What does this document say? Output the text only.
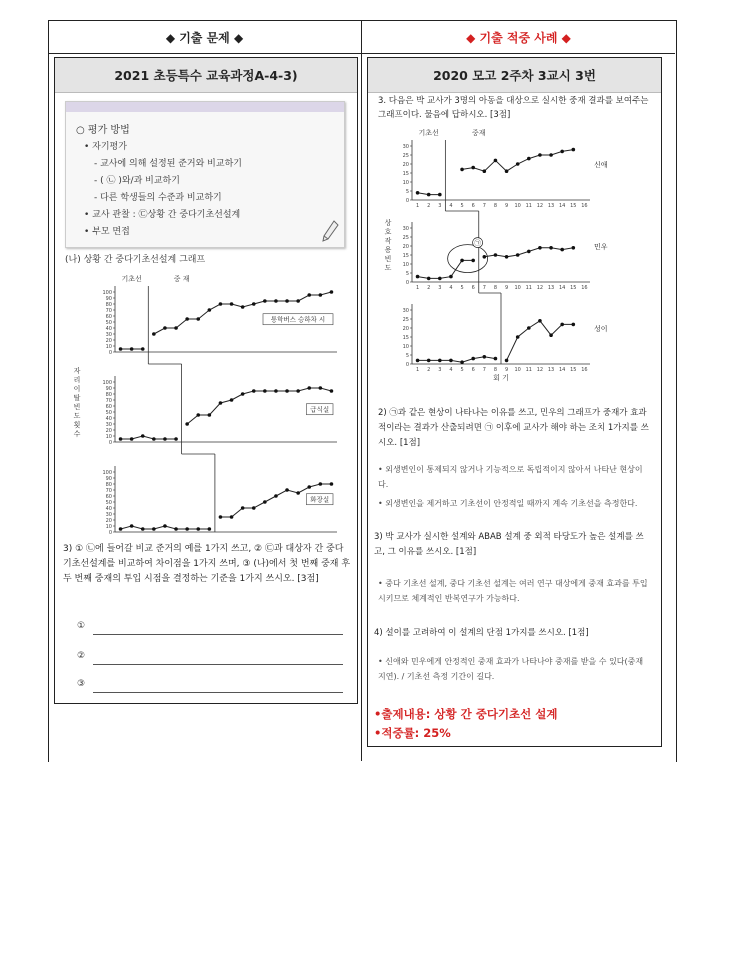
◆ 기출 문제 ◆	◆ 기출 적중 사례 ◆
2021 초등특수 교육과정A-4-3)
○ 평가 방법
• 자기평가
- 교사에 의해 설정된 준거와 비교하기
- ( ㉡ )와/과 비교하기
- 다른 학생들의 수준과 비교하기
• 교사 관찰 : ㉢상황 간 중다기초선설계
• 부모 면접
(나) 상황 간 중다기초선설계 그래프
기초선	중 재
자
리
이
탈
빈
도
횟
수
100
90
80
70
60
50
40
30
20
10
0
통학버스 승하차 시
100
90
80
70
60
50
40
30
20
10
0
급식실
100
90
80
70
60
50
40
30
20
10
0
화장실
3) ① ㉡에 들어갈 비교 준거의 예를 1가지 쓰고, ② ㉢과 대상자 간 중다기초선설계를 비교하여 차이점을 1가지 쓰며, ③ (나)에서 첫 번째 중재 후 두 번째 중재의 투입 시점을 결정하는 기준을 1가지 쓰시오. [3점]
①
②
③
2020 모고 2주차 3교시 3번
3. 다음은 박 교사가 3명의 아동을 대상으로 실시한 중재 결과를 보여주는 그래프이다. 물음에 답하시오. [3점]
기초선	중재
상
호
작
용
빈
도
30
25
20
15
10
5
0
신애
1 2 3 4 5 6 7 8 9 10 11 12 13 14 15 16
30
25
20
15
10
5
0
민우
1 2 3 4 5 6 7 8 9 10 11 12 13 14 15 16
㉠
30
25
20
15
10
5
0
성이
1 2 3 4 5 6 7 8 9 10 11 12 13 14 15 16
회 기
2) ㉠과 같은 현상이 나타나는 이유를 쓰고, 민우의 그래프가 중재가 효과적이라는 결과가 산출되려면 ㉠ 이후에 교사가 해야 하는 조치 1가지를 쓰시오. [1점]
• 외생변인이 통제되지 않거나 기능적으로 독립적이지 않아서 나타난 현상이다.
• 외생변인을 제거하고 기초선이 안정적일 때까지 계속 기초선을 측정한다.
3) 박 교사가 실시한 설계와 ABAB 설계 중 외적 타당도가 높은 설계를 쓰고, 그 이유를 쓰시오. [1점]
• 중다 기초선 설계, 중다 기초선 설계는 여러 연구 대상에게 중재 효과를 투입시키므로 체계적인 반복연구가 가능하다.
4) 설이를 고려하여 이 설계의 단점 1가지를 쓰시오. [1점]
• 신애와 민우에게 안정적인 중재 효과가 나타나야 중재를 받을 수 있다(중재 지연). / 기초선 측정 기간이 길다.
•출제내용: 상황 간 중다기초선 설계
•적중률: 25%
